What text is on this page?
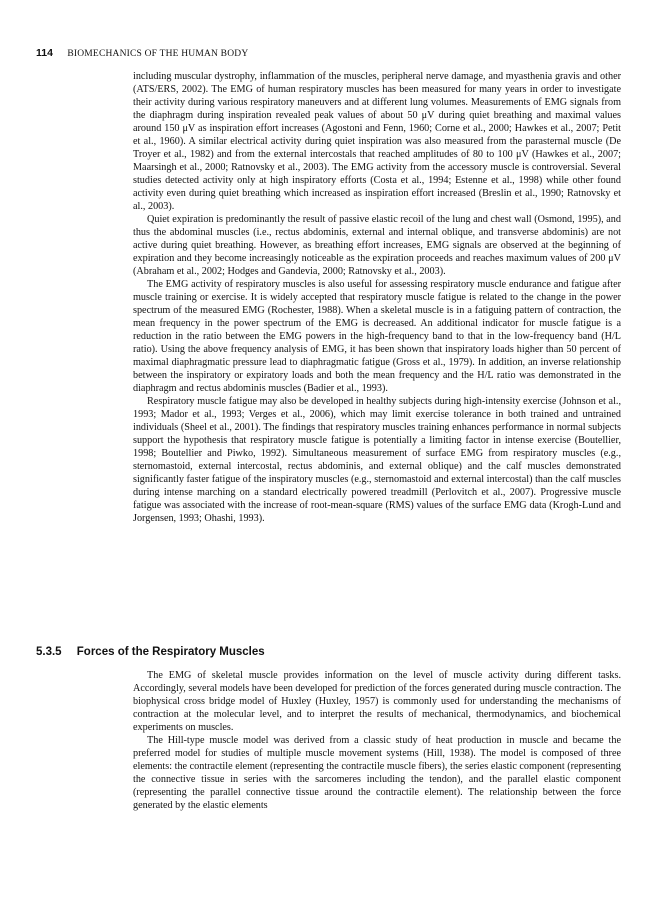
114 BIOMECHANICS OF THE HUMAN BODY

including muscular dystrophy, inflammation of the muscles, peripheral nerve damage, and myasthenia gravis and other (ATS/ERS, 2002). The EMG of human respiratory muscles has been measured for many years in order to investigate their activity during various respiratory maneuvers and at different lung volumes. Measurements of EMG signals from the diaphragm during inspiration revealed peak values of about 50 μV during quiet breathing and maximal values around 150 μV as inspiration effort increases (Agostoni and Fenn, 1960; Corne et al., 2000; Hawkes et al., 2007; Petit et al., 1960). A similar electrical activity during quiet inspiration was also measured from the parasternal muscle (De Troyer et al., 1982) and from the external intercostals that reached amplitudes of 80 to 100 μV (Hawkes et al., 2007; Maarsingh et al., 2000; Ratnovsky et al., 2003). The EMG activity from the accessory muscle is controversial. Several studies detected activity only at high inspiratory efforts (Costa et al., 1994; Estenne et al., 1998) while other found activity even during quiet breathing which increased as inspiration effort increased (Breslin et al., 1990; Ratnovsky et al., 2003).

Quiet expiration is predominantly the result of passive elastic recoil of the lung and chest wall (Osmond, 1995), and thus the abdominal muscles (i.e., rectus abdominis, external and internal oblique, and transverse abdominis) are not active during quiet breathing. However, as breathing effort increases, EMG signals are observed at the beginning of expiration and they become increasingly noticeable as the expiration proceeds and reaches maximum values of 200 μV (Abraham et al., 2002; Hodges and Gandevia, 2000; Ratnovsky et al., 2003).

The EMG activity of respiratory muscles is also useful for assessing respiratory muscle endurance and fatigue after muscle training or exercise. It is widely accepted that respiratory muscle fatigue is related to the change in the power spectrum of the measured EMG (Rochester, 1988). When a skeletal muscle is in a fatiguing pattern of contraction, the mean frequency in the power spectrum of the EMG is decreased. An additional indicator for muscle fatigue is a reduction in the ratio between the EMG powers in the high-frequency band to that in the low-frequency band (H/L ratio). Using the above frequency analysis of EMG, it has been shown that inspiratory loads higher than 50 percent of maximal diaphragmatic pressure lead to diaphragmatic fatigue (Gross et al., 1979). In addition, an inverse relationship between the inspiratory or expiratory loads and both the mean frequency and the H/L ratio was demonstrated in the diaphragm and rectus abdominis muscles (Badier et al., 1993).

Respiratory muscle fatigue may also be developed in healthy subjects during high-intensity exercise (Johnson et al., 1993; Mador et al., 1993; Verges et al., 2006), which may limit exercise tolerance in both trained and untrained individuals (Sheel et al., 2001). The findings that respiratory muscles training enhances performance in normal subjects support the hypothesis that respiratory muscle fatigue is potentially a limiting factor in intense exercise (Boutellier, 1998; Boutellier and Piwko, 1992). Simultaneous measurement of surface EMG from respiratory muscles (e.g., sternomastoid, external intercostal, rectus abdominis, and external oblique) and the calf muscles demonstrated significantly faster fatigue of the inspiratory muscles (e.g., sternomastoid and external intercostal) than the calf muscles during intense marching on a standard electrically powered treadmill (Perlovitch et al., 2007). Progressive muscle fatigue was associated with the increase of root-mean-square (RMS) values of the surface EMG data (Krogh-Lund and Jorgensen, 1993; Ohashi, 1993).

5.3.5 Forces of the Respiratory Muscles

The EMG of skeletal muscle provides information on the level of muscle activity during different tasks. Accordingly, several models have been developed for prediction of the forces generated during muscle contraction. The biophysical cross bridge model of Huxley (Huxley, 1957) is commonly used for understanding the mechanisms of contraction at the molecular level, and to interpret the results of mechanical, thermodynamics, and biochemical experiments on muscles.

The Hill-type muscle model was derived from a classic study of heat production in muscle and became the preferred model for studies of multiple muscle movement systems (Hill, 1938). The model is composed of three elements: the contractile element (representing the contractile muscle fibers), the series elastic component (representing the connective tissue in series with the sarcomeres including the tendon), and the parallel elastic component (representing the parallel connective tissue around the contractile element). The relationship between the force generated by the elastic elements
